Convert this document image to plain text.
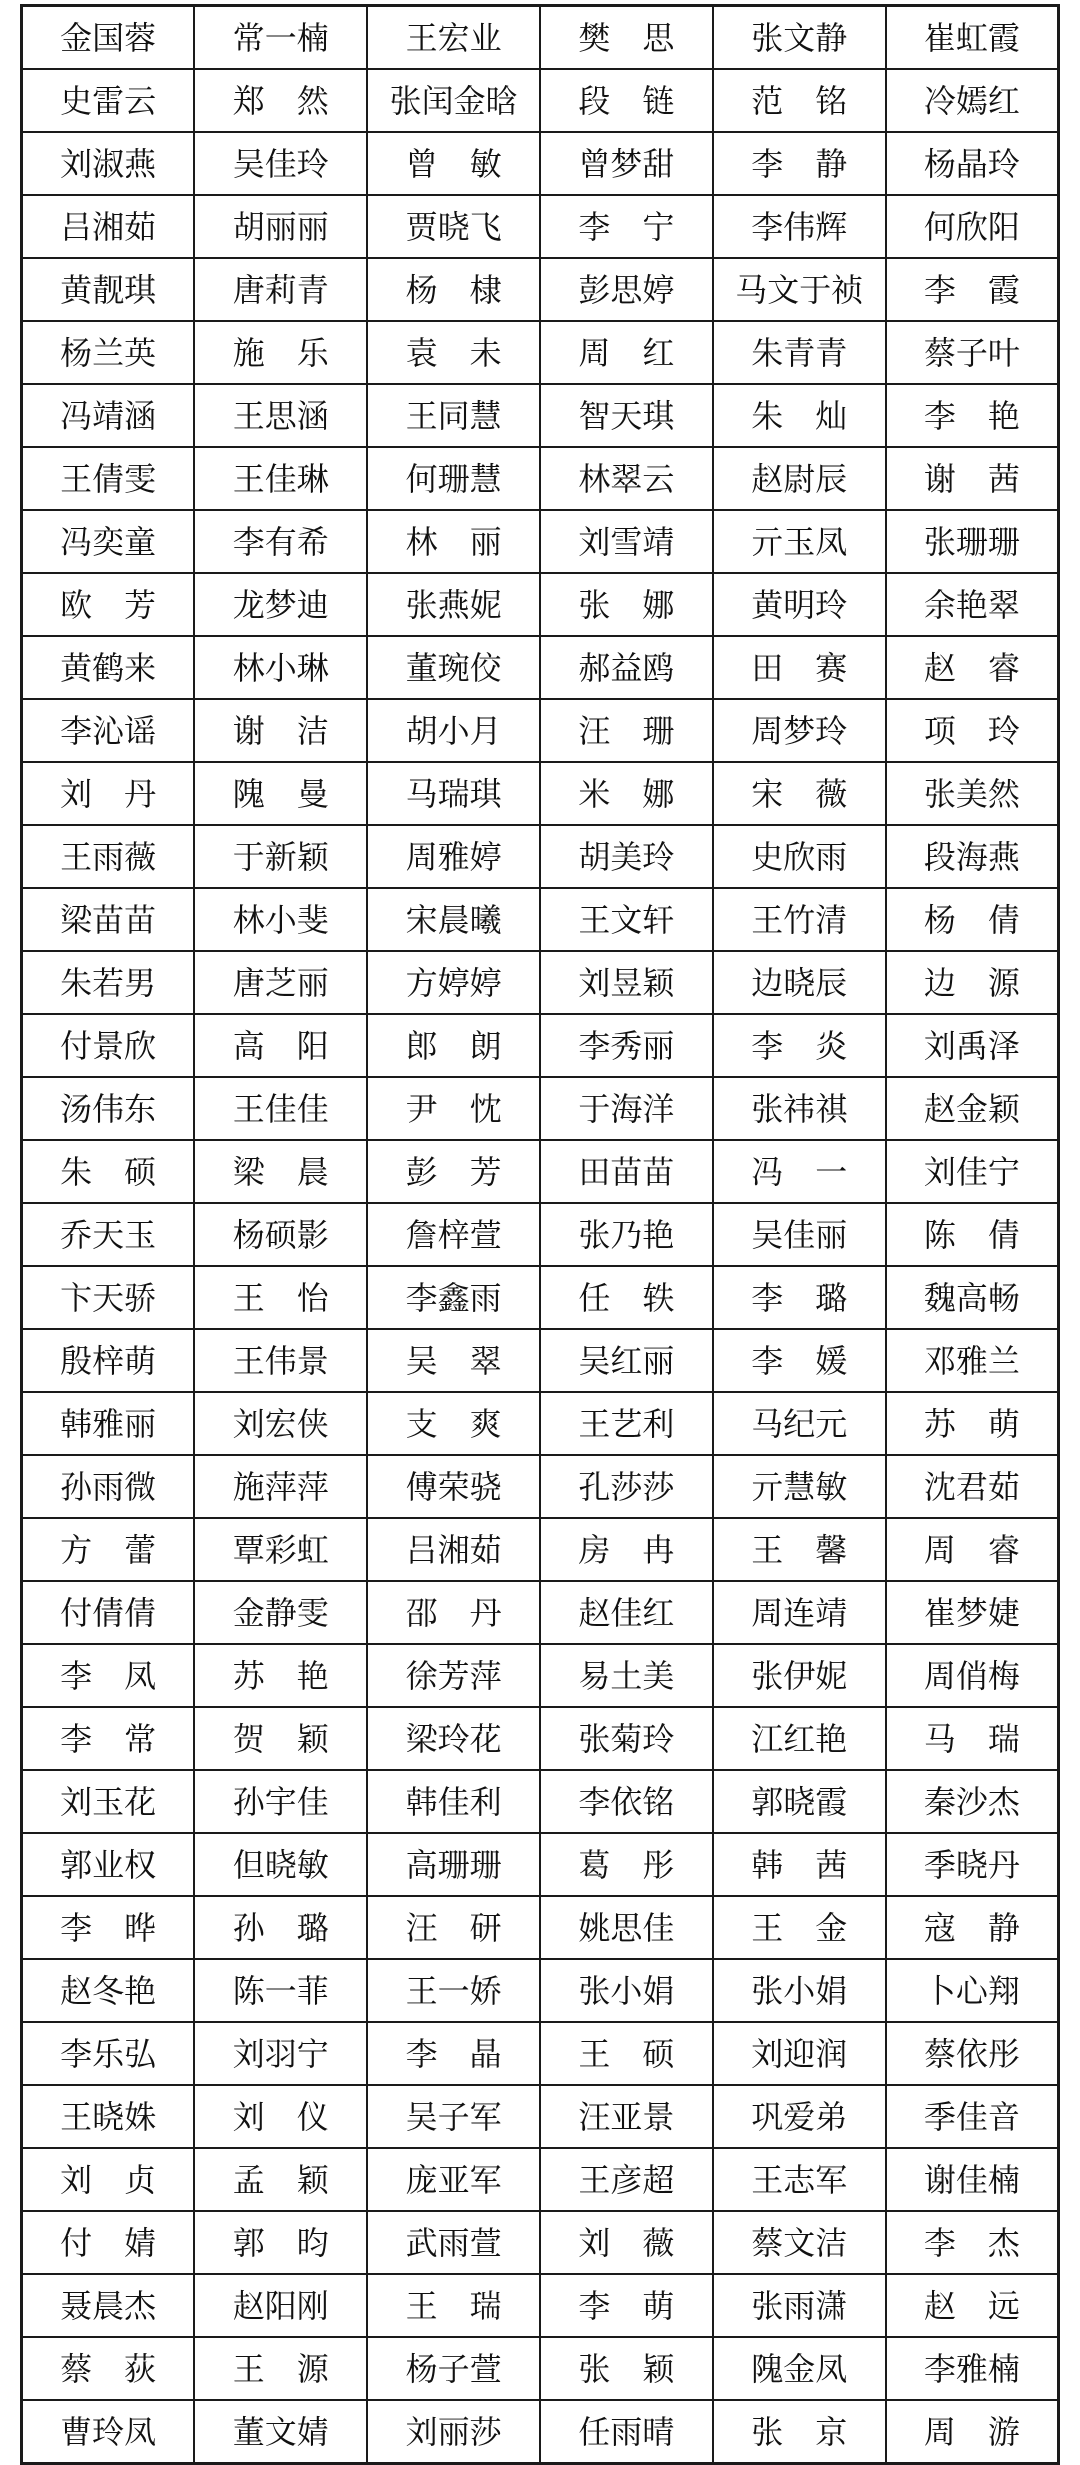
金国蓉	常一楠	王宏业	樊　思	张文静	崔虹霞
史雷云	郑　然	张闰金晗	段　链	范　铭	冷嫣红
刘淑燕	吴佳玲	曾　敏	曾梦甜	李　静	杨晶玲
吕湘茹	胡丽丽	贾晓飞	李　宁	李伟辉	何欣阳
黄靓琪	唐莉青	杨　棣	彭思婷	马文于祯	李　霞
杨兰英	施　乐	袁　未	周　红	朱青青	蔡子叶
冯靖涵	王思涵	王同慧	智天琪	朱　灿	李　艳
王倩雯	王佳琳	何珊慧	林翠云	赵尉辰	谢　茜
冯奕童	李有希	林　丽	刘雪靖	亓玉凤	张珊珊
欧　芳	龙梦迪	张燕妮	张　娜	黄明玲	余艳翠
黄鹤来	林小琳	董琬佼	郝益鸥	田　赛	赵　睿
李沁谣	谢　洁	胡小月	汪　珊	周梦玲	项　玲
刘　丹	隗　曼	马瑞琪	米　娜	宋　薇	张美然
王雨薇	于新颖	周雅婷	胡美玲	史欣雨	段海燕
梁苗苗	林小斐	宋晨曦	王文轩	王竹清	杨　倩
朱若男	唐芝丽	方婷婷	刘昱颖	边晓辰	边　源
付景欣	高　阳	郎　朗	李秀丽	李　炎	刘禹泽
汤伟东	王佳佳	尹　忱	于海洋	张祎祺	赵金颖
朱　硕	梁　晨	彭　芳	田苗苗	冯　一	刘佳宁
乔天玉	杨硕影	詹梓萱	张乃艳	吴佳丽	陈　倩
卞天骄	王　怡	李鑫雨	任　轶	李　璐	魏高畅
殷梓萌	王伟景	吴　翠	吴红丽	李　媛	邓雅兰
韩雅丽	刘宏侠	支　爽	王艺利	马纪元	苏　萌
孙雨微	施萍萍	傅荣骁	孔莎莎	亓慧敏	沈君茹
方　蕾	覃彩虹	吕湘茹	房　冉	王　馨	周　睿
付倩倩	金静雯	邵　丹	赵佳红	周连靖	崔梦婕
李　凤	苏　艳	徐芳萍	易土美	张伊妮	周俏梅
李　常	贺　颖	梁玲花	张菊玲	江红艳	马　瑞
刘玉花	孙宇佳	韩佳利	李依铭	郭晓霞	秦沙杰
郭业权	但晓敏	高珊珊	葛　彤	韩　茜	季晓丹
李　晔	孙　璐	汪　研	姚思佳	王　金	寇　静
赵冬艳	陈一菲	王一娇	张小娟	张小娟	卜心翔
李乐弘	刘羽宁	李　晶	王　硕	刘迎润	蔡依彤
王晓姝	刘　仪	吴子军	汪亚景	巩爱弟	季佳音
刘　贞	孟　颖	庞亚军	王彦超	王志军	谢佳楠
付　婧	郭　昀	武雨萱	刘　薇	蔡文洁	李　杰
聂晨杰	赵阳刚	王　瑞	李　萌	张雨潇	赵　远
蔡　荻	王　源	杨子萱	张　颖	隗金凤	李雅楠
曹玲凤	董文婧	刘丽莎	任雨晴	张　京	周　游
